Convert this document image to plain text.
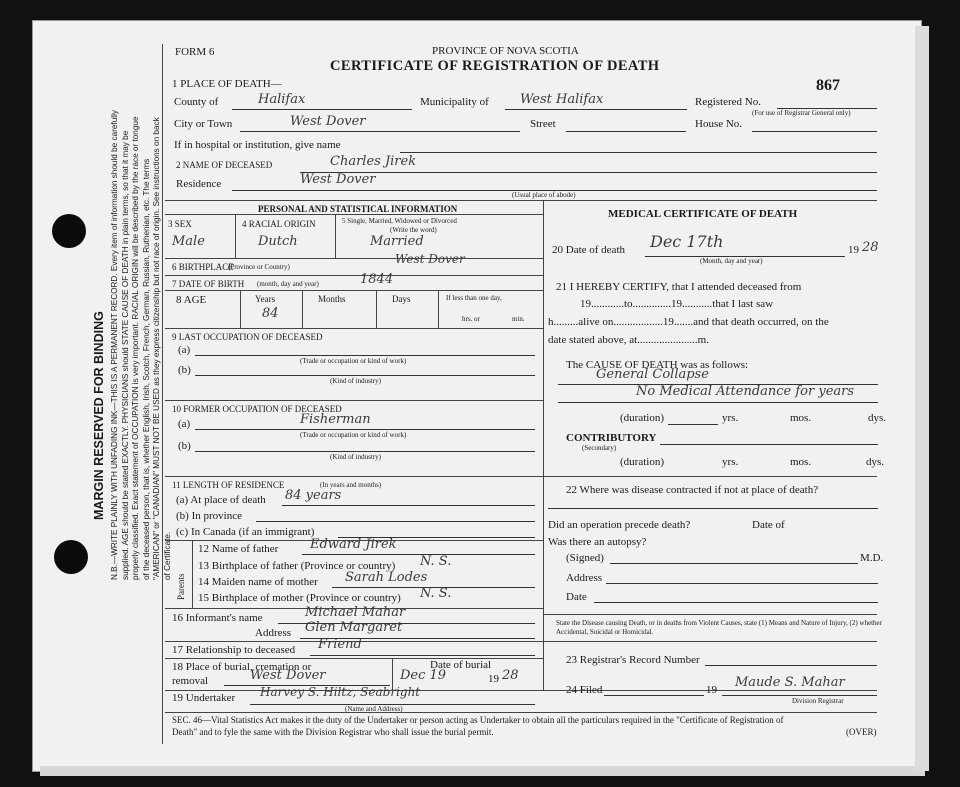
MARGIN RESERVED FOR BINDING N.B.—WRITE PLAINLY WITH UNFADING INK—THIS IS A PERMANENT RECORD. Every item of information should be carefully supplied. AGE should be stated EXACTLY. PHYSICIANS should STATE CAUSE OF DEATH in plain terms, so that it may be properly classified. Exact statement of OCCUPATION is very important. RACIAL ORIGIN will be described by the race or tongue of the deceased person, that is, whether English, Irish, Scotch, French, German, Russian, Ruthenian, etc. The terms "AMERICAN" or "CANADIAN" MUST NOT BE USED as they express citizenship but not race of origin. See instructions on back of Certificate.
FORM 6	PROVINCE OF NOVA SCOTIA
CERTIFICATE OF REGISTRATION OF DEATH
867
1 PLACE OF DEATH—
County of	Halifax	Municipality of West Halifax	Registered No.
(For use of Registrar General only)
City or Town	West Dover	Street	House No.
If in hospital or institution, give name
2 NAME OF DECEASED	Charles Jirek
Residence	West Dover
(Usual place of abode)
PERSONAL AND STATISTICAL INFORMATION
3 SEX	4 RACIAL ORIGIN	5 Single, Married, Widowed or Divorced
(Write the word)
Male	Dutch	Married
6 BIRTHPLACE
(Province or Country)
West Dover
7 DATE OF BIRTH (month, day and year)	1844
8 AGE	Years	Months	Days	If less than one day,
84	hrs. or	min.
9 LAST OCCUPATION OF DECEASED
(a)
(Trade or occupation or kind of work)
(b)
(Kind of industry)
10 FORMER OCCUPATION OF DECEASED
(a)	Fisherman
(Trade or occupation or kind of work)
(b)
(Kind of industry)
11 LENGTH OF RESIDENCE	(In years and months)
(a) At place of death 84 years
(b) In province
(c) In Canada (if an immigrant)
Parents
12 Name of father Edward Jirek
13 Birthplace of father (Province or country) N. S.
14 Maiden name of mother Sarah Lodes
15 Birthplace of mother (Province or country) N. S.
16 Informant's name	Michael Mahar
Address Glen Margaret
17 Relationship to deceased Friend
18 Place of burial, cremation or removal	West Dover
Date of burial
Dec 19	19 28
19 Undertaker Harvey S. Hiltz, Seabright
(Name and Address)
MEDICAL CERTIFICATE OF DEATH
20 Date of death Dec 17th	19 28
(Month, day and year)
21 I HEREBY CERTIFY, that I attended deceased from
19............to..............19...........that I last saw
h.........alive on..................19.......and that death occurred, on the
date stated above, at......................m.
The CAUSE OF DEATH was as follows:
General Collapse
No Medical Attendance for years
(duration)	yrs.	mos.	dys.
CONTRIBUTORY
(Secondary)
(duration)	yrs.	mos.	dys.
22 Where was disease contracted if not at place of death?
Did an operation precede death?	Date of
Was there an autopsy?
(Signed)	M.D.
Address
Date
State the Disease causing Death, or in deaths from Violent Causes, state (1) Means and Nature of Injury, (2) whether Accidental, Suicidal or Homicidal.
23 Registrar's Record Number
24 Filed	19 Maude S. Mahar
Division Registrar
SEC. 46—Vital Statistics Act makes it the duty of the Undertaker or person acting as Undertaker to obtain all the particulars required in the "Certificate of Registration of
Death" and to fyle the same with the Division Registrar who shall issue the burial permit.	(OVER)
